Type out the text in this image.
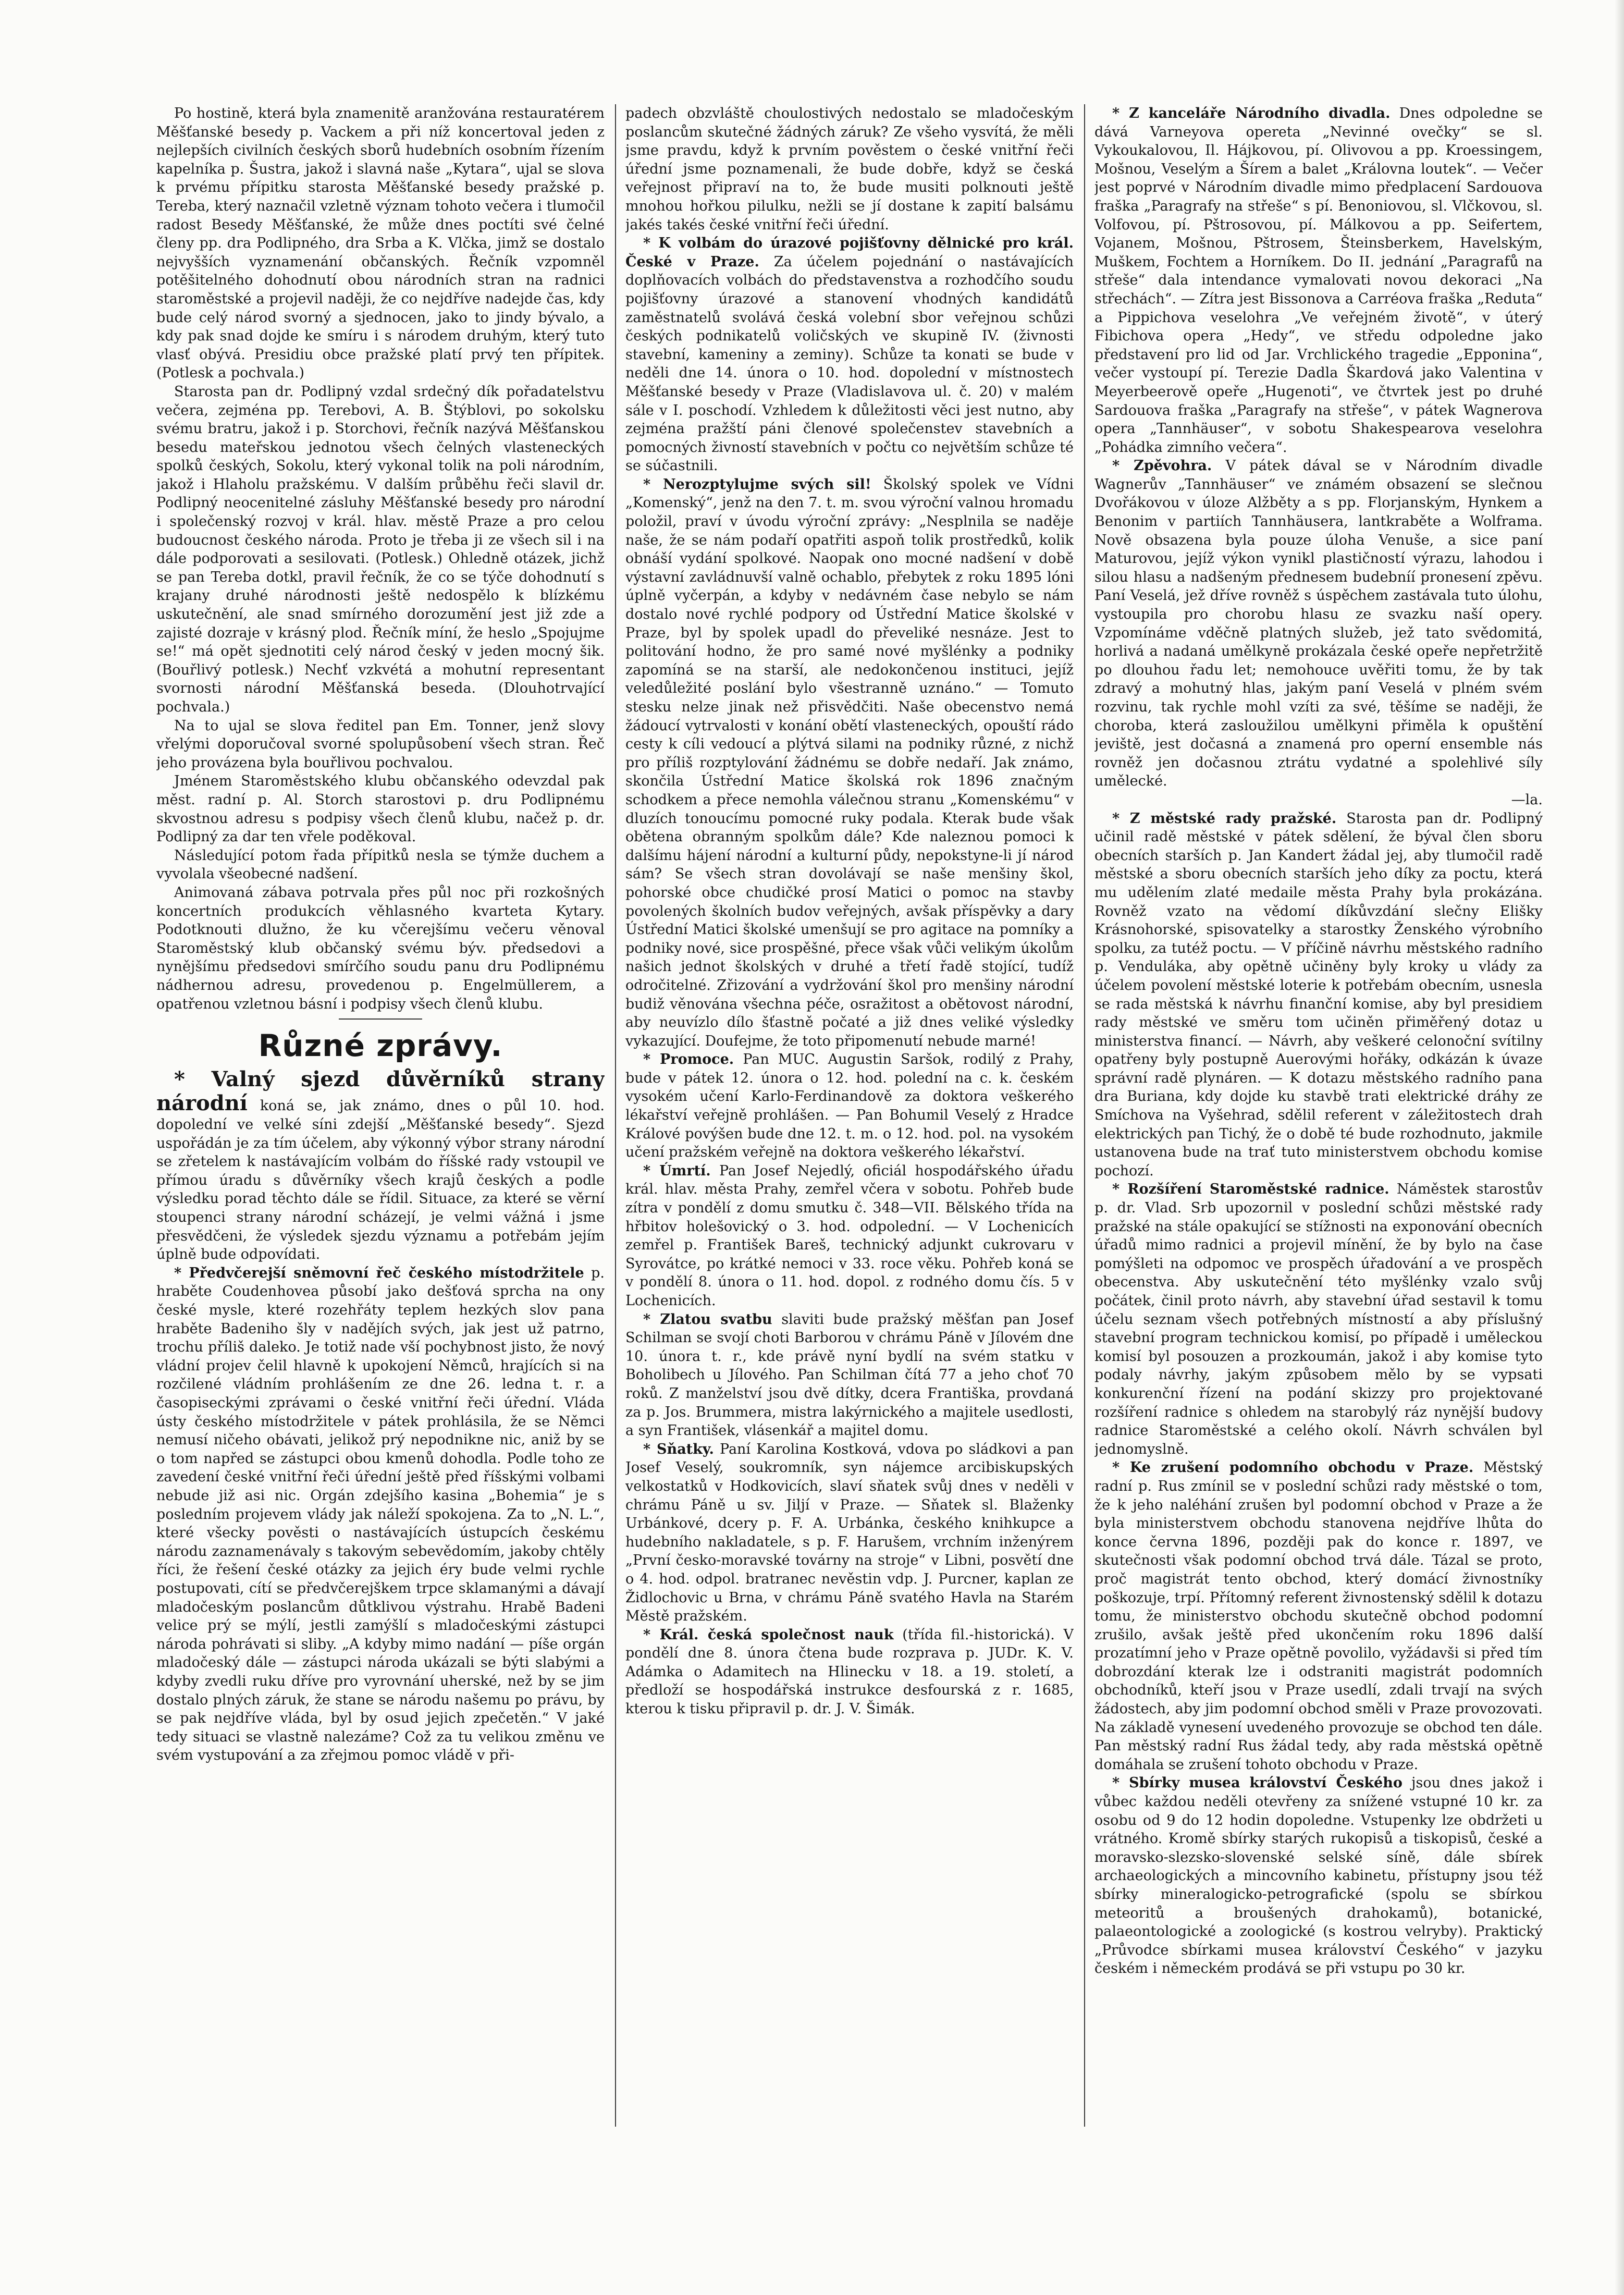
Po hostině, která byla znamenitě aranžována restauratérem Měšťanské besedy p. Vackem a při níž koncertoval jeden z nejlepších civilních českých sborů hudebních osobním řízením kapelníka p. Šustra, jakož i slavná naše „Kytara“, ujal se slova k prvému přípitku starosta Měšťanské besedy pražské p. Tereba, který naznačil vzletně význam tohoto večera i tlumočil radost Besedy Měšťanské, že může dnes poctíti své čelné členy pp. dra Podlipného, dra Srba a K. Vlčka, jimž se dostalo nejvyšších vyznamenání občanských. Řečník vzpomněl potěšitelného dohodnutí obou národních stran na radnici staroměstské a projevil naději, že co nejdříve nadejde čas, kdy bude celý národ svorný a sjednocen, jako to jindy bývalo, a kdy pak snad dojde ke smíru i s národem druhým, který tuto vlasť obývá. Presidiu obce pražské platí prvý ten přípitek. (Potlesk a pochvala.)

Starosta pan dr. Podlipný vzdal srdečný dík pořadatelstvu večera, zejména pp. Terebovi, A. B. Štýblovi, po sokolsku svému bratru, jakož i p. Storchovi, řečník nazývá Měšťanskou besedu mateřskou jednotou všech čelných vlasteneckých spolků českých, Sokolu, který vykonal tolik na poli národním, jakož i Hlaholu pražskému. V dalším průběhu řeči slavil dr. Podlipný neocenitelné zásluhy Měšťanské besedy pro národní i společenský rozvoj v král. hlav. městě Praze a pro celou budoucnost českého národa. Proto je třeba ji ze všech sil i na dále podporovati a sesilovati. (Potlesk.) Ohledně otázek, jichž se pan Tereba dotkl, pravil řečník, že co se týče dohodnutí s krajany druhé národnosti ještě nedospělo k blízkému uskutečnění, ale snad smírného dorozumění jest již zde a zajisté dozraje v krásný plod. Řečník míní, že heslo „Spojujme se!“ má opět sjednotiti celý národ český v jeden mocný šik. (Bouřlivý potlesk.) Nechť vzkvétá a mohutní representant svornosti národní Měšťanská beseda. (Dlouhotrvající pochvala.)

Na to ujal se slova ředitel pan Em. Tonner, jenž slovy vřelými doporučoval svorné spolupůsobení všech stran. Řeč jeho provázena byla bouřlivou pochvalou.

Jménem Staroměstského klubu občanského odevzdal pak měst. radní p. Al. Storch starostovi p. dru Podlipnému skvostnou adresu s podpisy všech členů klubu, načež p. dr. Podlipný za dar ten vřele poděkoval.

Následující potom řada přípitků nesla se týmže duchem a vyvolala všeobecné nadšení.

Animovaná zábava potrvala přes půl noc při rozkošných koncertních produkcích věhlasného kvarteta Kytary. Podotknouti dlužno, že ku včerejšímu večeru věnoval Staroměstský klub občanský svému býv. předsedovi a nynějšímu předsedovi smírčího soudu panu dru Podlipnému nádhernou adresu, provedenou p. Engelmüllerem, a opatřenou vzletnou básní i podpisy všech členů klubu.

Různé zprávy.

* Valný sjezd důvěrníků strany národní koná se, jak známo, dnes o půl 10. hod. dopolední ve velké síni zdejší „Měšťanské besedy“. Sjezd uspořádán je za tím účelem, aby výkonný výbor strany národní se zřetelem k nastávajícím volbám do říšské rady vstoupil ve přímou úradu s důvěrníky všech krajů českých a podle výsledku porad těchto dále se řídil. Situace, za které se věrní stoupenci strany národní scházejí, je velmi vážná i jsme přesvědčeni, že výsledek sjezdu významu a potřebám jejím úplně bude odpovídati.

* Předvčerejší sněmovní řeč českého místodržitele p. hraběte Coudenhovea působí jako dešťová sprcha na ony české mysle, které rozehřáty teplem hezkých slov pana hraběte Badeniho šly v nadějích svých, jak jest už patrno, trochu příliš daleko. Je totiž nade vší pochybnost jisto, že nový vládní projev čelil hlavně k upokojení Němců, hrajících si na rozčilené vládním prohlášením ze dne 26. ledna t. r. a časopiseckými zprávami o české vnitřní řeči úřední. Vláda ústy českého místodržitele v pátek prohlásila, že se Němci nemusí ničeho obávati, jelikož prý nepodnikne nic, aniž by se o tom napřed se zástupci obou kmenů dohodla. Podle toho ze zavedení české vnitřní řeči úřední ještě před říšskými volbami nebude již asi nic. Orgán zdejšího kasina „Bohemia“ je s posledním projevem vlády jak náleží spokojena. Za to „N. L.“, které všecky pověsti o nastávajících ústupcích českému národu zaznamenávaly s takovým sebevědomím, jakoby chtěly říci, že řešení české otázky za jejich éry bude velmi rychle postupovati, cítí se předvčerejškem trpce sklamanými a dávají mladočeským poslancům důtklivou výstrahu. Hrabě Badeni velice prý se mýlí, jestli zamýšlí s mladočeskými zástupci národa pohrávati si sliby. „A kdyby mimo nadání — píše orgán mladočeský dále — zástupci národa ukázali se býti slabými a kdyby zvedli ruku dříve pro vyrovnání uherské, než by se jim dostalo plných záruk, že stane se národu našemu po právu, by se pak nejdříve vláda, byl by osud jejich zpečetěn.“ V jaké tedy situaci se vlastně nalezáme? Což za tu velikou změnu ve svém vystupování a za zřejmou pomoc vládě v při-

padech obzvláště choulostivých nedostalo se mladočeským poslancům skutečné žádných záruk? Ze všeho vysvítá, že měli jsme pravdu, když k prvním pověstem o české vnitřní řeči úřední jsme poznamenali, že bude dobře, když se česká veřejnost připraví na to, že bude musiti polknouti ještě mnohou hořkou pilulku, nežli se jí dostane k zapití balsámu jakés takés české vnitřní řeči úřední.

* K volbám do úrazové pojišťovny dělnické pro král. České v Praze. Za účelem pojednání o nastávajících doplňovacích volbách do představenstva a rozhodčího soudu pojišťovny úrazové a stanovení vhodných kandidátů zaměstnatelů svolává česká volební sbor veřejnou schůzi českých podnikatelů voličských ve skupině IV. (živnosti stavební, kameniny a zeminy). Schůze ta konati se bude v neděli dne 14. února o 10. hod. dopolední v místnostech Měšťanské besedy v Praze (Vladislavova ul. č. 20) v malém sále v I. poschodí. Vzhledem k důležitosti věci jest nutno, aby zejména pražští páni členové společenstev stavebních a pomocných živností stavebních v počtu co největším schůze té se súčastnili.

* Nerozptylujme svých sil! Školský spolek ve Vídni „Komenský“, jenž na den 7. t. m. svou výroční valnou hromadu položil, praví v úvodu výroční zprávy: „Nesplnila se naděje naše, že se nám podaří opatřiti aspoň tolik prostředků, kolik obnáší vydání spolkové. Naopak ono mocné nadšení v době výstavní zavládnuvší valně ochablo, přebytek z roku 1895 lóni úplně vyčerpán, a kdyby v nedávném čase nebylo se nám dostalo nové rychlé podpory od Ústřední Matice školské v Praze, byl by spolek upadl do převeliké nesnáze. Jest to politování hodno, že pro samé nové myšlénky a podniky zapomíná se na starší, ale nedokončenou instituci, jejíž veledůležité poslání bylo všestranně uznáno.“ — Tomuto stesku nelze jinak než přisvědčiti. Naše obecenstvo nemá žádoucí vytrvalosti v konání obětí vlasteneckých, opouští rádo cesty k cíli vedoucí a plýtvá silami na podniky různé, z nichž pro příliš rozptylování žádnému se dobře nedaří. Jak známo, skončila Ústřední Matice školská rok 1896 značným schodkem a přece nemohla válečnou stranu „Komenskému“ v dluzích tonoucímu pomocné ruky podala. Kterak bude však obětena obranným spolkům dále? Kde naleznou pomoci k dalšímu hájení národní a kulturní půdy, nepokstyne-li jí národ sám? Se všech stran dovolávají se naše menšiny škol, pohorské obce chudičké prosí Matici o pomoc na stavby povolených školních budov veřejných, avšak příspěvky a dary Ústřední Matici školské umenšují se pro agitace na pomníky a podniky nové, sice prospěšné, přece však vůči velikým úkolům našich jednot školských v druhé a třetí řadě stojící, tudíž odročitelné. Zřizování a vydržování škol pro menšiny národní budiž věnována všechna péče, osražitost a obětovost národní, aby neuvízlo dílo šťastně počaté a již dnes veliké výsledky vykazující. Doufejme, že toto připomenutí nebude marné!

* Promoce. Pan MUC. Augustin Saršok, rodilý z Prahy, bude v pátek 12. února o 12. hod. polední na c. k. českém vysokém učení Karlo-Ferdinandově za doktora veškerého lékařství veřejně prohlášen. — Pan Bohumil Veselý z Hradce Králové povýšen bude dne 12. t. m. o 12. hod. pol. na vysokém učení pražském veřejně na doktora veškerého lékařství.

* Úmrtí. Pan Josef Nejedlý, oficiál hospodářského úřadu král. hlav. města Prahy, zemřel včera v sobotu. Pohřeb bude zítra v pondělí z domu smutku č. 348—VII. Bělského třída na hřbitov holešovický o 3. hod. odpolední. — V Lochenicích zemřel p. František Bareš, technický adjunkt cukrovaru v Syrovátce, po krátké nemoci v 33. roce věku. Pohřeb koná se v pondělí 8. února o 11. hod. dopol. z rodného domu čís. 5 v Lochenicích.

* Zlatou svatbu slaviti bude pražský měšťan pan Josef Schilman se svojí choti Barborou v chrámu Páně v Jílovém dne 10. února t. r., kde právě nyní bydlí na svém statku v Boholibech u Jílového. Pan Schilman čítá 77 a jeho choť 70 roků. Z manželství jsou dvě dítky, dcera Františka, provdaná za p. Jos. Brummera, mistra lakýrnického a majitele usedlosti, a syn František, vlásenkář a majitel domu.

* Sňatky. Paní Karolina Kostková, vdova po sládkovi a pan Josef Veselý, soukromník, syn nájemce arcibiskupských velkostatků v Hodkovicích, slaví sňatek svůj dnes v neděli v chrámu Páně u sv. Jiljí v Praze. — Sňatek sl. Blaženky Urbánkové, dcery p. F. A. Urbánka, českého knihkupce a hudebního nakladatele, s p. F. Harušem, vrchním inženýrem „První česko-moravské továrny na stroje“ v Libni, posvětí dne o 4. hod. odpol. bratranec nevěstin vdp. J. Purcner, kaplan ze Židlochovic u Brna, v chrámu Páně svatého Havla na Starém Městě pražském.

* Král. česká společnost nauk (třída fil.-historická). V pondělí dne 8. února čtena bude rozprava p. JUDr. K. V. Adámka o Adamitech na Hlinecku v 18. a 19. století, a předloží se hospodářská instrukce desfourská z r. 1685, kterou k tisku připravil p. dr. J. V. Šimák.

* Z kanceláře Národního divadla. Dnes odpoledne se dává Varneyova opereta „Nevinné ovečky“ se sl. Vykoukalovou, Il. Hájkovou, pí. Olivovou a pp. Kroessingem, Mošnou, Veselým a Šírem a balet „Královna loutek“. — Večer jest poprvé v Národním divadle mimo předplacení Sardouova fraška „Paragrafy na střeše“ s pí. Benoniovou, sl. Vlčkovou, sl. Volfovou, pí. Pštrosovou, pí. Málkovou a pp. Seifertem, Vojanem, Mošnou, Pštrosem, Šteinsberkem, Havelským, Muškem, Fochtem a Horníkem. Do II. jednání „Paragrafů na střeše“ dala intendance vymalovati novou dekoraci „Na střechách“. — Zítra jest Bissonova a Carréova fraška „Reduta“ a Pippichova veselohra „Ve veřejném životě“, v úterý Fibichova opera „Hedy“, ve středu odpoledne jako představení pro lid od Jar. Vrchlického tragedie „Epponina“, večer vystoupí pí. Terezie Dadla Škardová jako Valentina v Meyerbeerově opeře „Hugenoti“, ve čtvrtek jest po druhé Sardouova fraška „Paragrafy na střeše“, v pátek Wagnerova opera „Tannhäuser“, v sobotu Shakespearova veselohra „Pohádka zimního večera“.

* Zpěvohra. V pátek dával se v Národním divadle Wagnerův „Tannhäuser“ ve známém obsazení se slečnou Dvořákovou v úloze Alžběty a s pp. Florjanským, Hynkem a Benonim v partiích Tannhäusera, lantkraběte a Wolframa. Nově obsazena byla pouze úloha Venuše, a sice paní Maturovou, jejíž výkon vynikl plastičností výrazu, lahodou i silou hlasu a nadšeným přednesem budebníí pronesení zpěvu. Paní Veselá, jež dříve rovněž s úspěchem zastávala tuto úlohu, vystoupila pro chorobu hlasu ze svazku naší opery. Vzpomínáme vděčně platných služeb, jež tato svědomitá, horlivá a nadaná umělkyně prokázala české opeře nepřetržitě po dlouhou řadu let; nemohouce uvěřiti tomu, že by tak zdravý a mohutný hlas, jakým paní Veselá v plném svém rozvinu, tak rychle mohl vzíti za své, těšíme se naději, že choroba, která zasloužilou umělkyni přiměla k opuštění jeviště, jest dočasná a znamená pro operní ensemble nás rovněž jen dočasnou ztrátu vydatné a spolehlivé síly umělecké.

—la.

* Z městské rady pražské. Starosta pan dr. Podlipný učinil radě městské v pátek sdělení, že býval člen sboru obecních starších p. Jan Kandert žádal jej, aby tlumočil radě městské a sboru obecních starších jeho díky za poctu, která mu udělením zlaté medaile města Prahy byla prokázána. Rovněž vzato na vědomí díkůvzdání slečny Elišky Krásnohorské, spisovatelky a starostky Ženského výrobního spolku, za tutéž poctu. — V příčině návrhu městského radního p. Venduláka, aby opětně učiněny byly kroky u vlády za účelem povolení městské loterie k potřebám obecním, usnesla se rada městská k návrhu finanční komise, aby byl presidiem rady městské ve směru tom učiněn přiměřený dotaz u ministerstva financí. — Návrh, aby veškeré celonoční svítilny opatřeny byly postupně Auerovými hořáky, odkázán k úvaze správní radě plynáren. — K dotazu městského radního pana dra Buriana, kdy dojde ku stavbě trati elektrické dráhy ze Smíchova na Vyšehrad, sdělil referent v záležitostech drah elektrických pan Tichý, že o době té bude rozhodnuto, jakmile ustanovena bude na trať tuto ministerstvem obchodu komise pochozí.

* Rozšíření Staroměstské radnice. Náměstek starostův p. dr. Vlad. Srb upozornil v poslední schůzi městské rady pražské na stále opakující se stížnosti na exponování obecních úřadů mimo radnici a projevil mínění, že by bylo na čase pomýšleti na odpomoc ve prospěch úřadování a ve prospěch obecenstva. Aby uskutečnění této myšlénky vzalo svůj počátek, činil proto návrh, aby stavební úřad sestavil k tomu účelu seznam všech potřebných místností a aby příslušný stavební program technickou komisí, po případě i uměleckou komisí byl posouzen a prozkoumán, jakož i aby komise tyto podaly návrhy, jakým způsobem mělo by se vypsati konkurenční řízení na podání skizzy pro projektované rozšíření radnice s ohledem na starobylý ráz nynější budovy radnice Staroměstské a celého okolí. Návrh schválen byl jednomyslně.

* Ke zrušení podomního obchodu v Praze. Městský radní p. Rus zmínil se v poslední schůzi rady městské o tom, že k jeho naléhání zrušen byl podomní obchod v Praze a že byla ministerstvem obchodu stanovena nejdříve lhůta do konce června 1896, později pak do konce r. 1897, ve skutečnosti však podomní obchod trvá dále. Tázal se proto, proč magistrát tento obchod, který domácí živnostníky poškozuje, trpí. Přítomný referent živnostenský sdělil k dotazu tomu, že ministerstvo obchodu skutečně obchod podomní zrušilo, avšak ještě před ukončením roku 1896 další prozatímní jeho v Praze opětně povolilo, vyžádavši si před tím dobrozdání kterak lze i odstraniti magistrát podomních obchodníků, kteří jsou v Praze usedlí, zdali trvají na svých žádostech, aby jim podomní obchod směli v Praze provozovati. Na základě vynesení uvedeného provozuje se obchod ten dále. Pan městský radní Rus žádal tedy, aby rada městská opětně domáhala se zrušení tohoto obchodu v Praze.

* Sbírky musea království Českého jsou dnes jakož i vůbec každou neděli otevřeny za snížené vstupné 10 kr. za osobu od 9 do 12 hodin dopoledne. Vstupenky lze obdržeti u vrátného. Kromě sbírky starých rukopisů a tiskopisů, české a moravsko-slezsko-slovenské selské síně, dále sbírek archaeologických a mincovního kabinetu, přístupny jsou též sbírky mineralogicko-petrografické (spolu se sbírkou meteoritů a broušených drahokamů), botanické, palaeontologické a zoologické (s kostrou velryby). Praktický „Průvodce sbírkami musea království Českého“ v jazyku českém i německém prodává se při vstupu po 30 kr.
